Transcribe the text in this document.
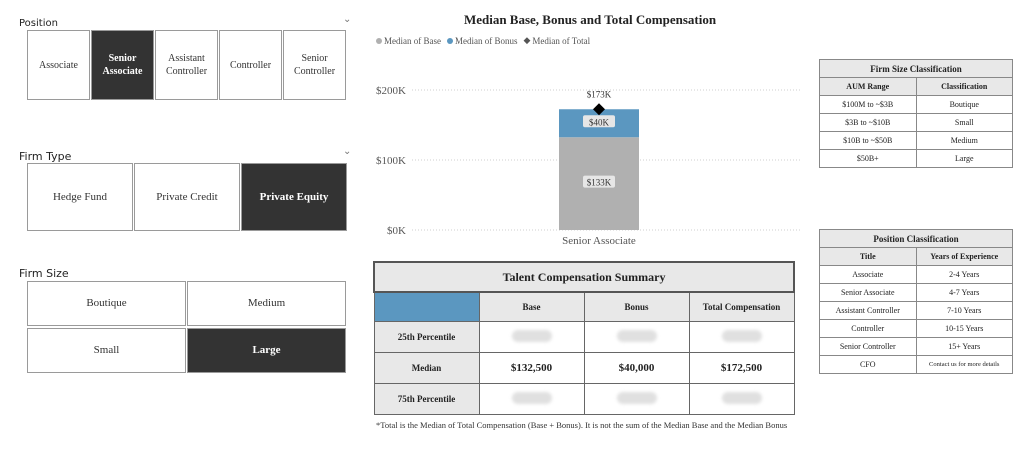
Position	⌄
Associate
Senior
Associate
Assistant
Controller
Controller
Senior
Controller
Firm Type	⌄
Hedge Fund	Private Credit	Private Equity
Firm Size
Boutique	Medium
Small	Large
Median Base, Bonus and Total Compensation
Median of Base Median of Bonus ◆ Median of Total
$0K
$100K
$200K
$133K
$40K
$173K
Senior Associate
Firm Size Classification	
AUM Range	Classification
$100M to ~$3B	Boutique
$3B to ~$10B	Small
$10B to ~$50B	Medium
$50B+	Large
Position Classification	
Title	Years of Experience
Associate	2-4 Years
Senior Associate	4-7 Years
Assistant Controller	7-10 Years
Controller	10-15 Years
Senior Controller	15+ Years
CFO	Contact us for more details
Talent Compensation Summary			
	Base	Bonus	Total Compensation
25th Percentile			
Median	$132,500	$40,000	$172,500
75th Percentile			
*Total is the Median of Total Compensation (Base + Bonus). It is not the sum of the Median Base and the Median Bonus
